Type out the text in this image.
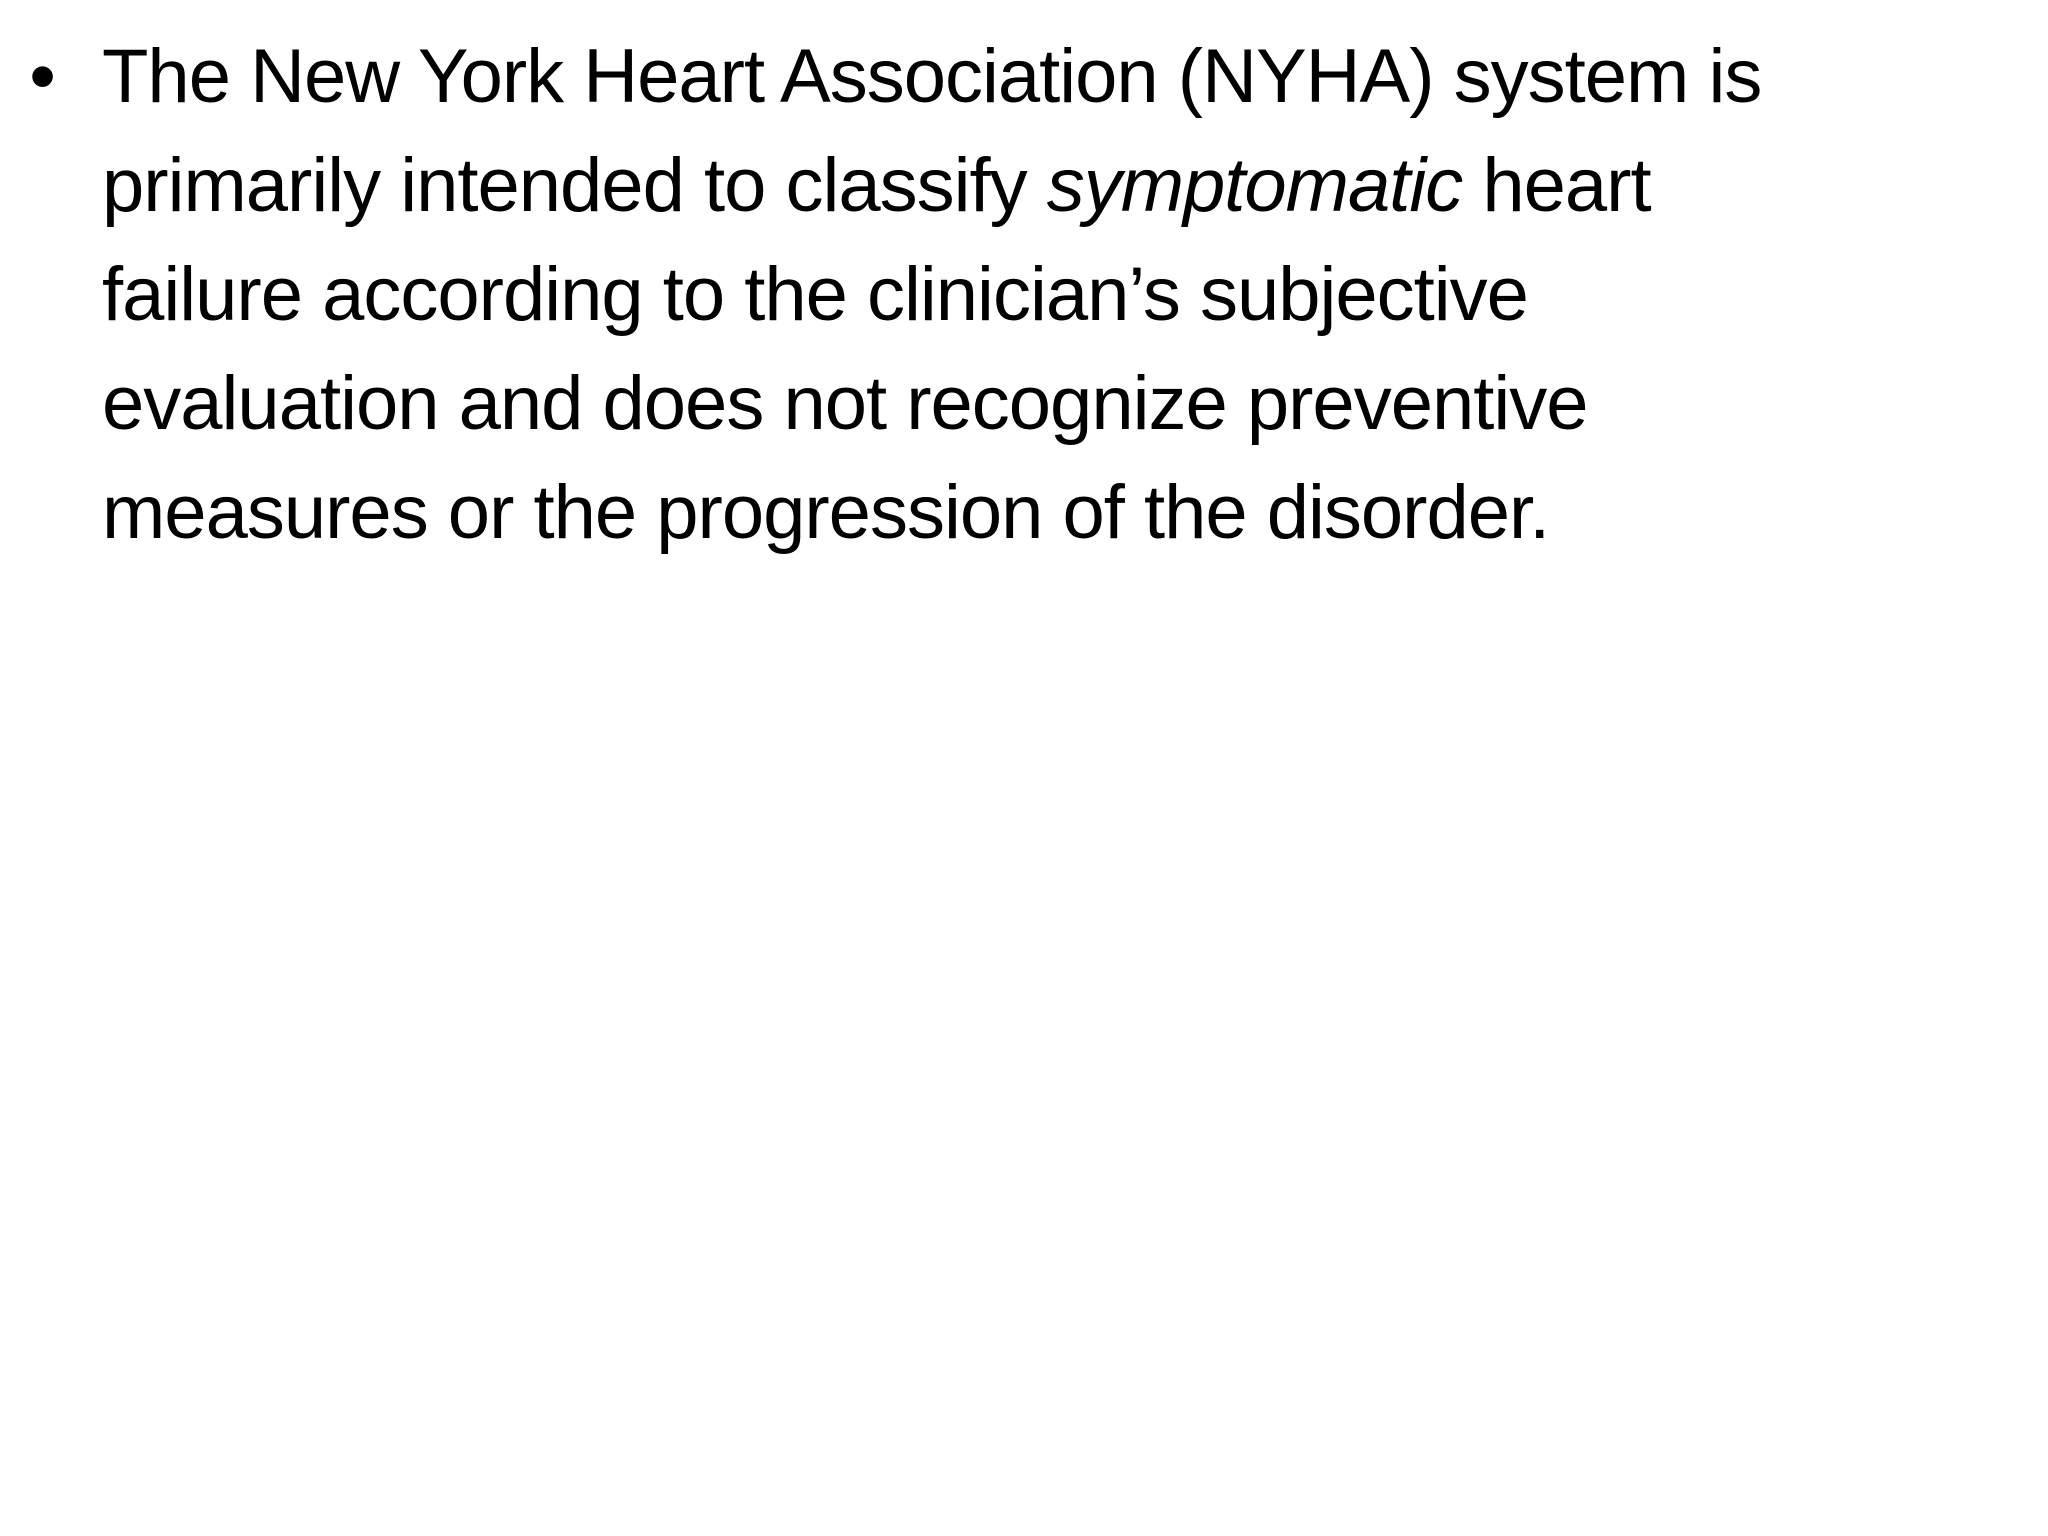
• The New York Heart Association (NYHA) system is
primarily intended to classify symptomatic heart
failure according to the clinician’s subjective
evaluation and does not recognize preventive
measures or the progression of the disorder.
